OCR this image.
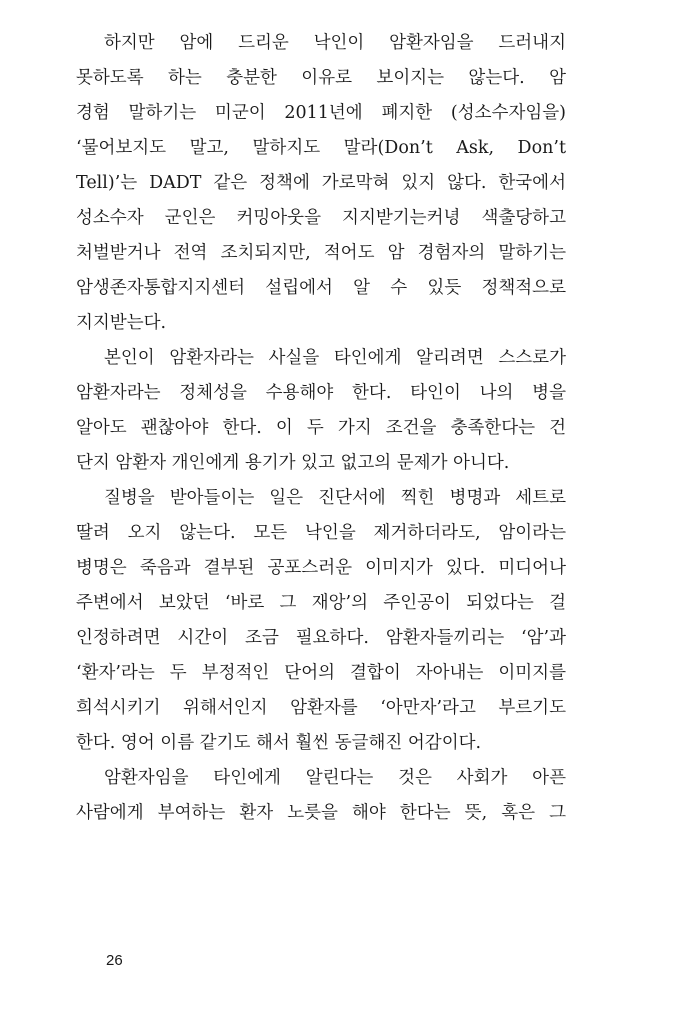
하지만 암에 드리운 낙인이 암환자임을 드러내지
못하도록 하는 충분한 이유로 보이지는 않는다. 암
경험 말하기는 미군이 2011년에 폐지한 (성소수자임을)
‘물어보지도 말고, 말하지도 말라(Don’t Ask, Don’t
Tell)’는 DADT 같은 정책에 가로막혀 있지 않다. 한국에서
성소수자 군인은 커밍아웃을 지지받기는커녕 색출당하고
처벌받거나 전역 조치되지만, 적어도 암 경험자의 말하기는
암생존자통합지지센터 설립에서 알 수 있듯 정책적으로
지지받는다.
본인이 암환자라는 사실을 타인에게 알리려면 스스로가
암환자라는 정체성을 수용해야 한다. 타인이 나의 병을
알아도 괜찮아야 한다. 이 두 가지 조건을 충족한다는 건
단지 암환자 개인에게 용기가 있고 없고의 문제가 아니다.
질병을 받아들이는 일은 진단서에 찍힌 병명과 세트로
딸려 오지 않는다. 모든 낙인을 제거하더라도, 암이라는
병명은 죽음과 결부된 공포스러운 이미지가 있다. 미디어나
주변에서 보았던 ‘바로 그 재앙’의 주인공이 되었다는 걸
인정하려면 시간이 조금 필요하다. 암환자들끼리는 ‘암’과
‘환자’라는 두 부정적인 단어의 결합이 자아내는 이미지를
희석시키기 위해서인지 암환자를 ‘아만자’라고 부르기도
한다. 영어 이름 같기도 해서 훨씬 동글해진 어감이다.
암환자임을 타인에게 알린다는 것은 사회가 아픈
사람에게 부여하는 환자 노릇을 해야 한다는 뜻, 혹은 그
26
